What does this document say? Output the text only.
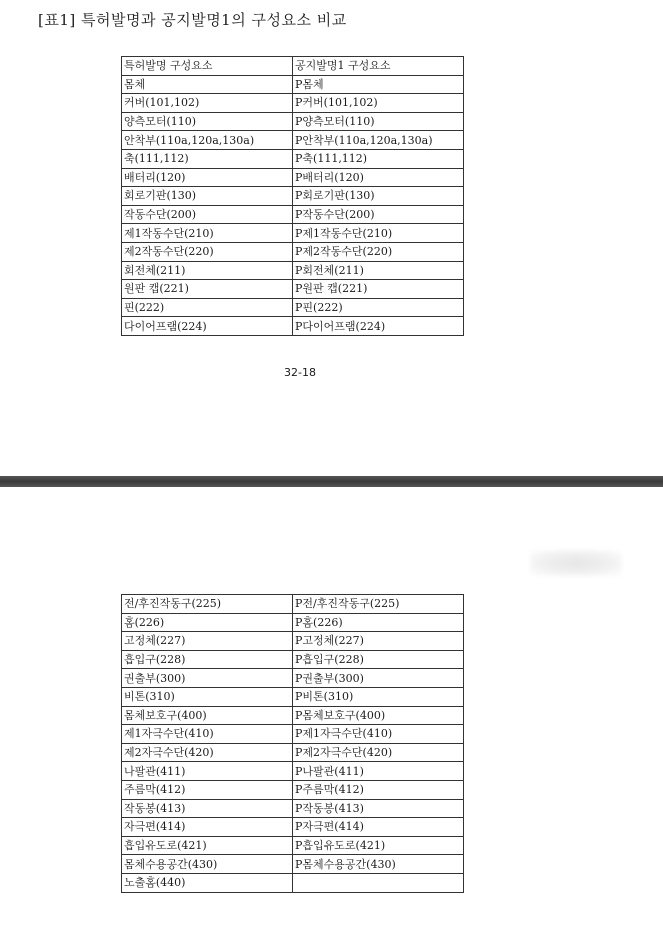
[표1] 특허발명과 공지발명1의 구성요소 비교
특허발명 구성요소	공지발명1 구성요소
몸체	P몸체
커버(101,102)	P커버(101,102)
양측모터(110)	P양측모터(110)
안착부(110a,120a,130a)	P안착부(110a,120a,130a)
축(111,112)	P축(111,112)
배터리(120)	P배터리(120)
회로기판(130)	P회로기판(130)
작동수단(200)	P작동수단(200)
제1작동수단(210)	P제1작동수단(210)
제2작동수단(220)	P제2작동수단(220)
회전체(211)	P회전체(211)
원판 캡(221)	P원판 캡(221)
핀(222)	P핀(222)
다이어프램(224)	P다이어프램(224)
32-18
전/후진작동구(225)	P전/후진작동구(225)
홈(226)	P홈(226)
고정체(227)	P고정체(227)
흡입구(228)	P흡입구(228)
권출부(300)	P권출부(300)
비톤(310)	P비톤(310)
몸체보호구(400)	P몸체보호구(400)
제1자극수단(410)	P제1자극수단(410)
제2자극수단(420)	P제2자극수단(420)
나팔관(411)	P나팔관(411)
주름막(412)	P주름막(412)
작동봉(413)	P작동봉(413)
자극편(414)	P자극편(414)
흡입유도로(421)	P흡입유도로(421)
몸체수용공간(430)	P몸체수용공간(430)
노출홈(440)	
